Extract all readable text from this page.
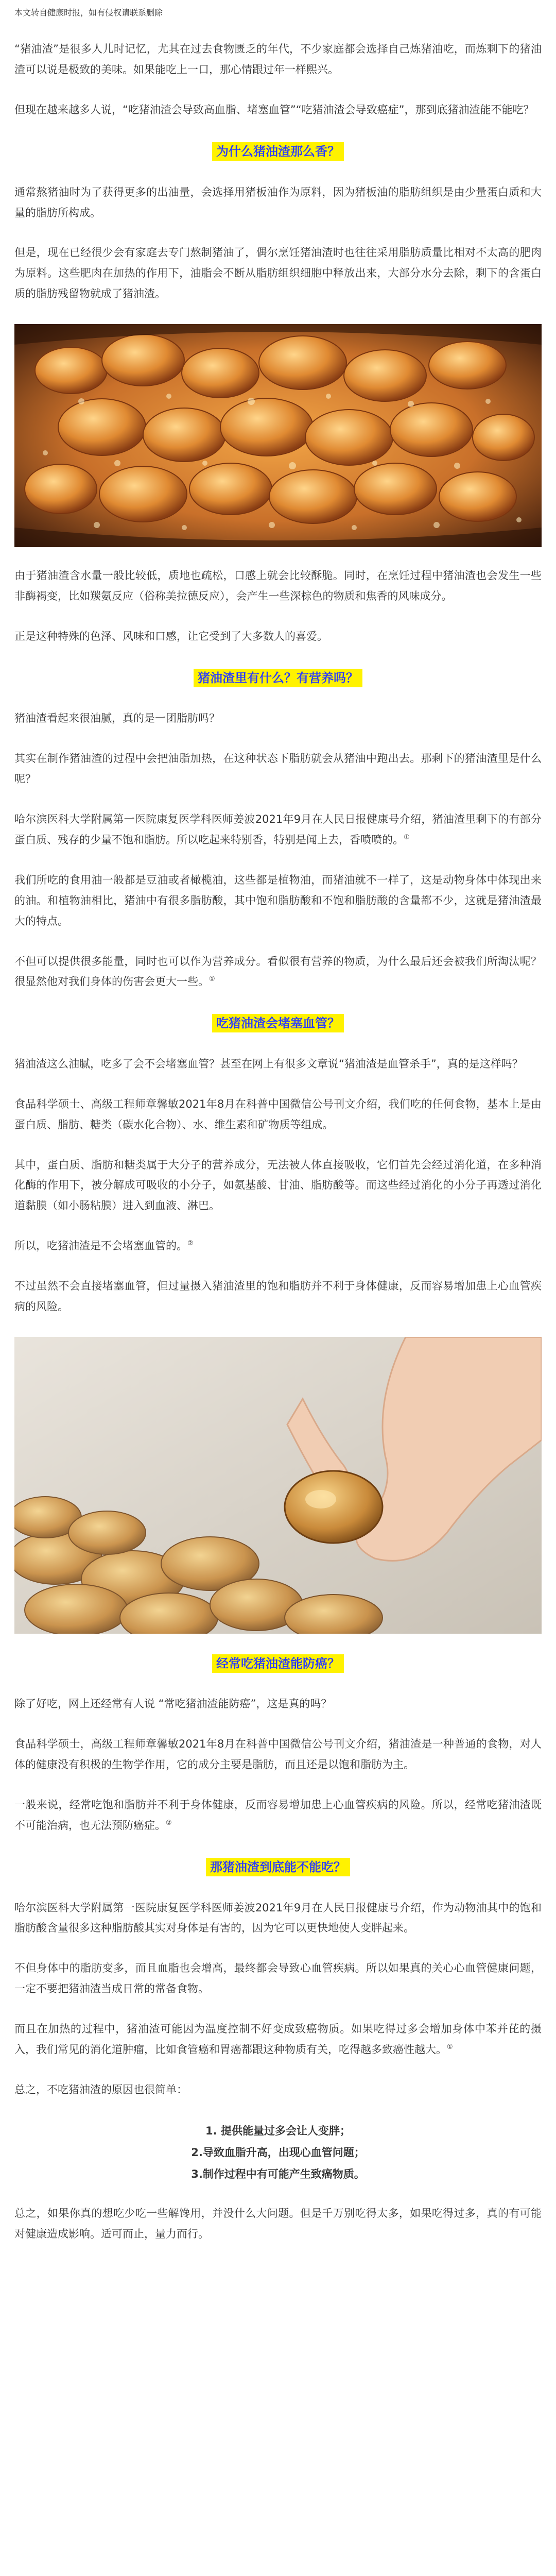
本文转自健康时报，如有侵权请联系删除

“猪油渣”是很多人儿时记忆，尤其在过去食物匮乏的年代，不少家庭都会选择自己炼猪油吃，而炼剩下的猪油渣可以说是极致的美味。如果能吃上一口，那心情跟过年一样熙兴。

但现在越来越多人说，“吃猪油渣会导致高血脂、堵塞血管”“吃猪油渣会导致癌症”，那到底猪油渣能不能吃？

为什么猪油渣那么香？

通常熬猪油时为了获得更多的出油量，会选择用猪板油作为原料，因为猪板油的脂肪组织是由少量蛋白质和大量的脂肪所构成。

但是，现在已经很少会有家庭去专门熬制猪油了，偶尔烹饪猪油渣时也往往采用脂肪质量比相对不太高的肥肉为原料。这些肥肉在加热的作用下，油脂会不断从脂肪组织细胞中释放出来，大部分水分去除，剩下的含蛋白质的脂肪残留物就成了猪油渣。

由于猪油渣含水量一般比较低，质地也疏松，口感上就会比较酥脆。同时，在烹饪过程中猪油渣也会发生一些非酶褐变，比如羰氨反应（俗称美拉德反应），会产生一些深棕色的物质和焦香的风味成分。

正是这种特殊的色泽、风味和口感，让它受到了大多数人的喜爱。

猪油渣里有什么？有营养吗？

猪油渣看起来很油腻，真的是一团脂肪吗？

其实在制作猪油渣的过程中会把油脂加热，在这种状态下脂肪就会从猪油中跑出去。那剩下的猪油渣里是什么呢？

哈尔滨医科大学附属第一医院康复医学科医师姜波2021年9月在人民日报健康号介绍，猪油渣里剩下的有部分蛋白质、残存的少量不饱和脂肪。所以吃起来特别香，特别是闻上去，香喷喷的。①

我们所吃的食用油一般都是豆油或者橄榄油，这些都是植物油，而猪油就不一样了，这是动物身体中体现出来的油。和植物油相比，猪油中有很多脂肪酸，其中饱和脂肪酸和不饱和脂肪酸的含量都不少，这就是猪油渣最大的特点。

不但可以提供很多能量，同时也可以作为营养成分。看似很有营养的物质，为什么最后还会被我们所淘汰呢？很显然他对我们身体的伤害会更大一些。①

吃猪油渣会堵塞血管？

猪油渣这么油腻，吃多了会不会堵塞血管？甚至在网上有很多文章说“猪油渣是血管杀手”，真的是这样吗？

食品科学硕士、高级工程师章馨敏2021年8月在科普中国微信公号刊文介绍，我们吃的任何食物，基本上是由蛋白质、脂肪、糖类（碳水化合物）、水、维生素和矿物质等组成。

其中，蛋白质、脂肪和糖类属于大分子的营养成分，无法被人体直接吸收，它们首先会经过消化道，在多种消化酶的作用下，被分解成可吸收的小分子，如氨基酸、甘油、脂肪酸等。而这些经过消化的小分子再透过消化道黏膜（如小肠粘膜）进入到血液、淋巴。

所以，吃猪油渣是不会堵塞血管的。②

不过虽然不会直接堵塞血管，但过量摄入猪油渣里的饱和脂肪并不利于身体健康，反而容易增加患上心血管疾病的风险。

经常吃猪油渣能防癌？

除了好吃，网上还经常有人说 “常吃猪油渣能防癌”，这是真的吗？

食品科学硕士，高级工程师章馨敏2021年8月在科普中国微信公号刊文介绍，猪油渣是一种普通的食物，对人体的健康没有积极的生物学作用，它的成分主要是脂肪，而且还是以饱和脂肪为主。

一般来说，经常吃饱和脂肪并不利于身体健康，反而容易增加患上心血管疾病的风险。所以，经常吃猪油渣既不可能治病，也无法预防癌症。②

那猪油渣到底能不能吃？

哈尔滨医科大学附属第一医院康复医学科医师姜波2021年9月在人民日报健康号介绍，作为动物油其中的饱和脂肪酸含量很多这种脂肪酸其实对身体是有害的，因为它可以更快地使人变胖起来。

不但身体中的脂肪变多，而且血脂也会增高，最终都会导致心血管疾病。所以如果真的关心心血管健康问题，一定不要把猪油渣当成日常的常备食物。

而且在加热的过程中，猪油渣可能因为温度控制不好变成致癌物质。如果吃得过多会增加身体中苯并芘的摄入，我们常见的消化道肿瘤，比如食管癌和胃癌都跟这种物质有关，吃得越多致癌性越大。①

总之，不吃猪油渣的原因也很简单：

1. 提供能量过多会让人变胖；
2.导致血脂升高，出现心血管问题；
3.制作过程中有可能产生致癌物质。

总之，如果你真的想吃少吃一些解馋用，并没什么大问题。但是千万别吃得太多，如果吃得过多，真的有可能对健康造成影响。适可而止，量力而行。
